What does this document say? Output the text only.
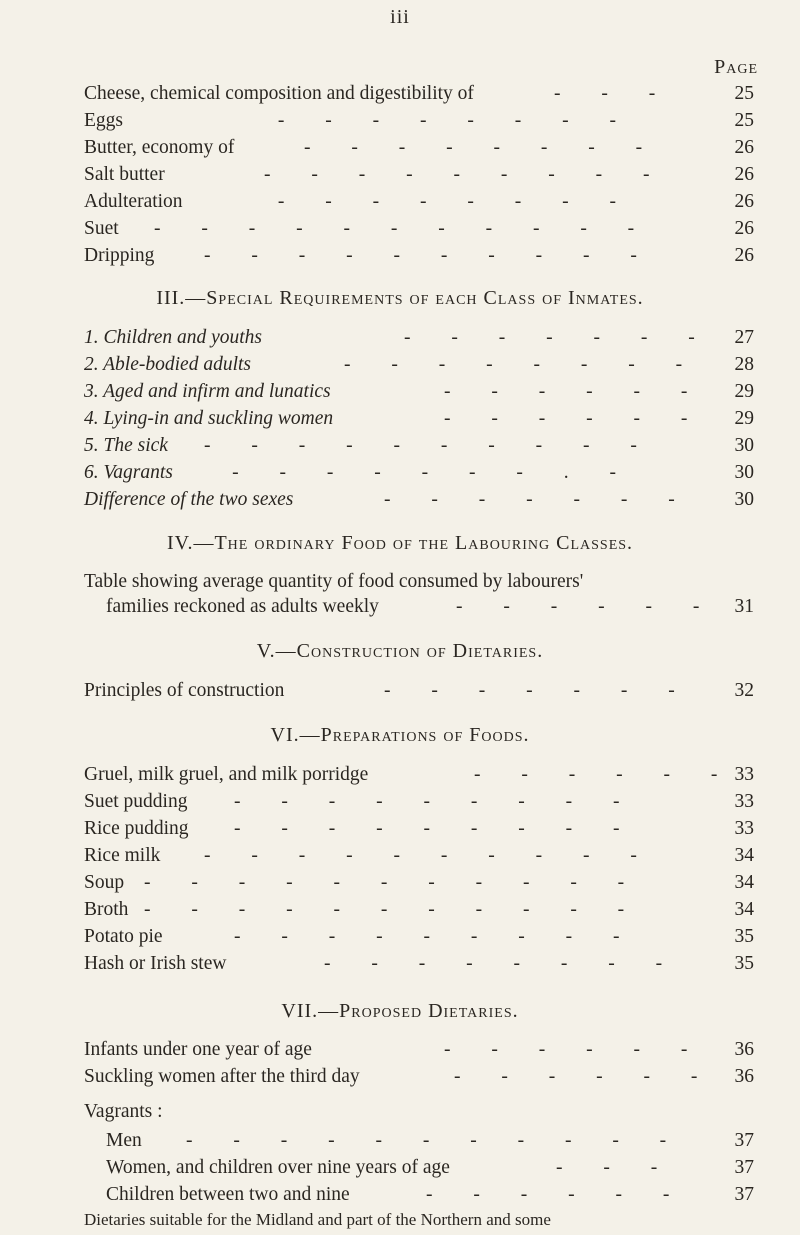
iii
Page
Cheese, chemical composition and digestibility of	- - -	25
Eggs	- - - - - - - -	25
Butter, economy of	- - - - - - - -	26
Salt butter	- - - - - - - - -	26
Adulteration	- - - - - - - -	26
Suet - - - - - - - - - - -	26
Dripping	- - - - - - - - - -	26
III.—Special Requirements of each Class of Inmates.
1. Children and youths	- - - - - - -	27
2. Able-bodied adults	- - - - - - - -	28
3. Aged and infirm and lunatics	- - - - - -	29
4. Lying-in and suckling women	- - - - - -	29
5. The sick - - - - - - - - - -	30
6. Vagrants	- - - - - - - . -	30
Difference of the two sexes	- - - - - - -	30
IV.—The ordinary Food of the Labouring Classes.
Table showing average quantity of food consumed by labourers'
families reckoned as adults weekly	- - - - - - 31
V.—Construction of Dietaries.
Principles of construction	- - - - - - -	32
VI.—Preparations of Foods.
Gruel, milk gruel, and milk porridge	- - - - - - 33
Suet pudding - - - - - - - - -	33
Rice pudding - - - - - - - - -	33
Rice milk - - - - - - - - - -	34
Soup - - - - - - - - - - -	34
Broth - - - - - - - - - - -	34
Potato pie	- - - - - - - - -	35
Hash or Irish stew	- - - - - - - -	35
VII.—Proposed Dietaries.
Infants under one year of age	- - - - - -	36
Suckling women after the third day	- - - - - - 36
Vagrants :
Men - - - - - - - - - - -	37
Women, and children over nine years of age	- - -	37
Children between two and nine	- - - - - -	37
Dietaries suitable for the Midland and part of the Northern and some
